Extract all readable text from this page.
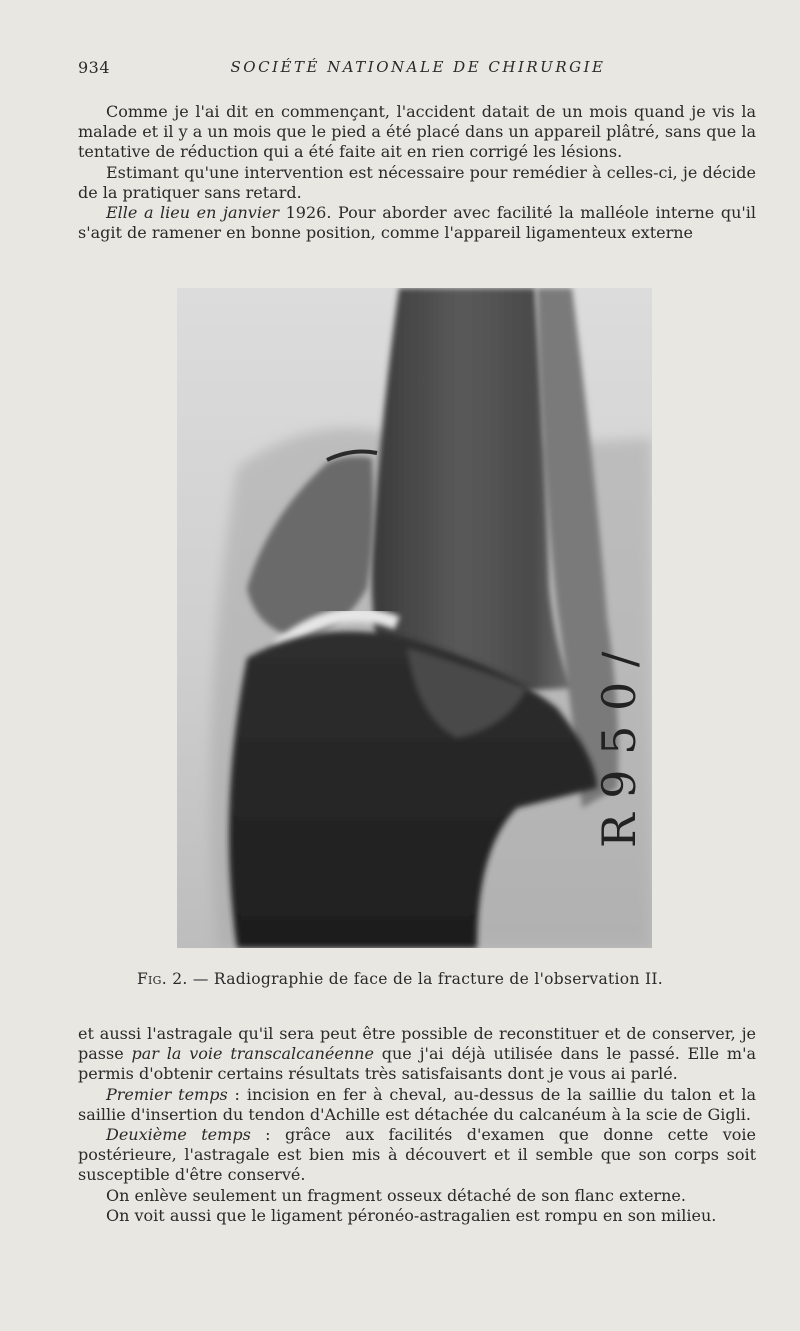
934	SOCIÉTÉ NATIONALE DE CHIRURGIE

Comme je l'ai dit en commençant, l'accident datait de un mois quand je vis la malade et il y a un mois que le pied a été placé dans un appareil plâtré, sans que la tentative de réduction qui a été faite ait en rien corrigé les lésions.

Estimant qu'une intervention est nécessaire pour remédier à celles-ci, je décide de la pratiquer sans retard.

Elle a lieu en janvier 1926. Pour aborder avec facilité la malléole interne qu'il s'agit de ramener en bonne position, comme l'appareil ligamenteux externe

R 9 5 0 /
Fig. 2. — Radiographie de face de la fracture de l'observation II.

et aussi l'astragale qu'il sera peut être possible de reconstituer et de conserver, je passe par la voie transcalcanéenne que j'ai déjà utilisée dans le passé. Elle m'a permis d'obtenir certains résultats très satisfaisants dont je vous ai parlé.

Premier temps : incision en fer à cheval, au-dessus de la saillie du talon et la saillie d'insertion du tendon d'Achille est détachée du calcanéum à la scie de Gigli.

Deuxième temps : grâce aux facilités d'examen que donne cette voie postérieure, l'astragale est bien mis à découvert et il semble que son corps soit susceptible d'être conservé.

On enlève seulement un fragment osseux détaché de son flanc externe.

On voit aussi que le ligament péronéo-astragalien est rompu en son milieu.
